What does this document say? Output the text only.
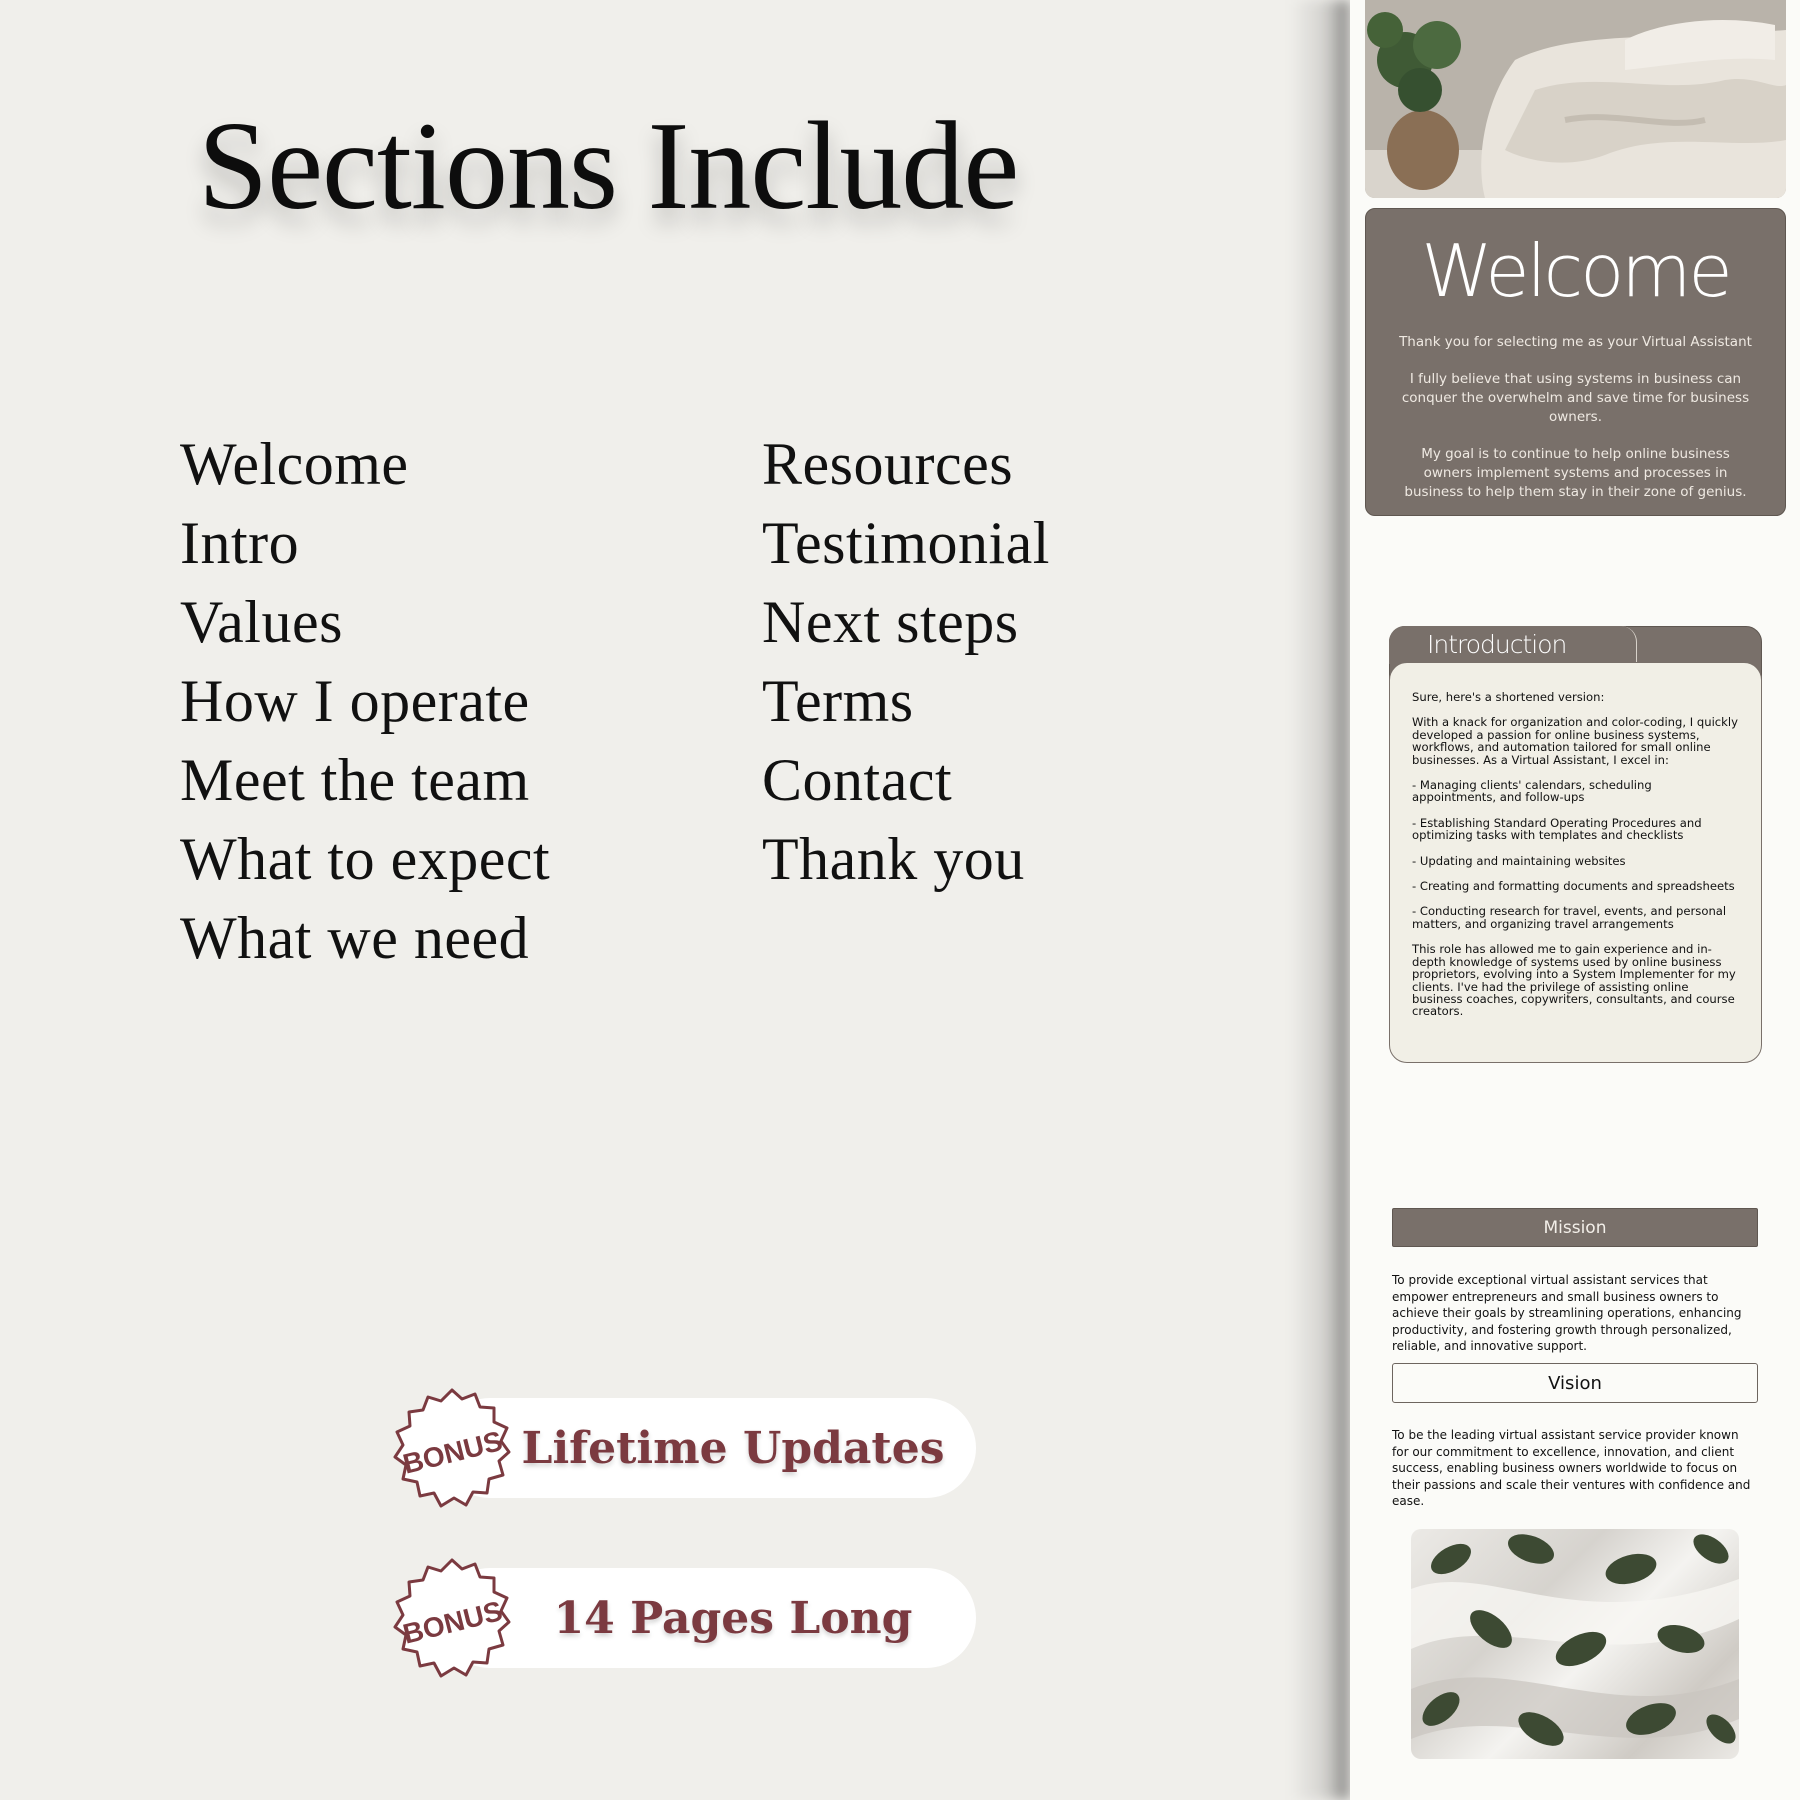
Sections Include
Welcome
Intro
Values
How I operate
Meet the team
What to expect
What we need
Resources
Testimonial
Next steps
Terms
Contact
Thank you
BONUS Lifetime Updates
BONUS	14 Pages Long
Welcome

Thank you for selecting me as your Virtual Assistant

I fully believe that using systems in business can conquer the overwhelm and save time for business owners.

My goal is to continue to help online business owners implement systems and processes in business to help them stay in their zone of genius.

Introduction

Sure, here's a shortened version:

With a knack for organization and color-coding, I quickly developed a passion for online business systems, workflows, and automation tailored for small online businesses. As a Virtual Assistant, I excel in:

- Managing clients' calendars, scheduling appointments, and follow-ups

- Establishing Standard Operating Procedures and optimizing tasks with templates and checklists

- Updating and maintaining websites

- Creating and formatting documents and spreadsheets

- Conducting research for travel, events, and personal matters, and organizing travel arrangements

This role has allowed me to gain experience and in-depth knowledge of systems used by online business proprietors, evolving into a System Implementer for my clients. I've had the privilege of assisting online business coaches, copywriters, consultants, and course creators.

Mission
To provide exceptional virtual assistant services that empower entrepreneurs and small business owners to achieve their goals by streamlining operations, enhancing productivity, and fostering growth through personalized, reliable, and innovative support.
Vision
To be the leading virtual assistant service provider known for our commitment to excellence, innovation, and client success, enabling business owners worldwide to focus on their passions and scale their ventures with confidence and ease.
